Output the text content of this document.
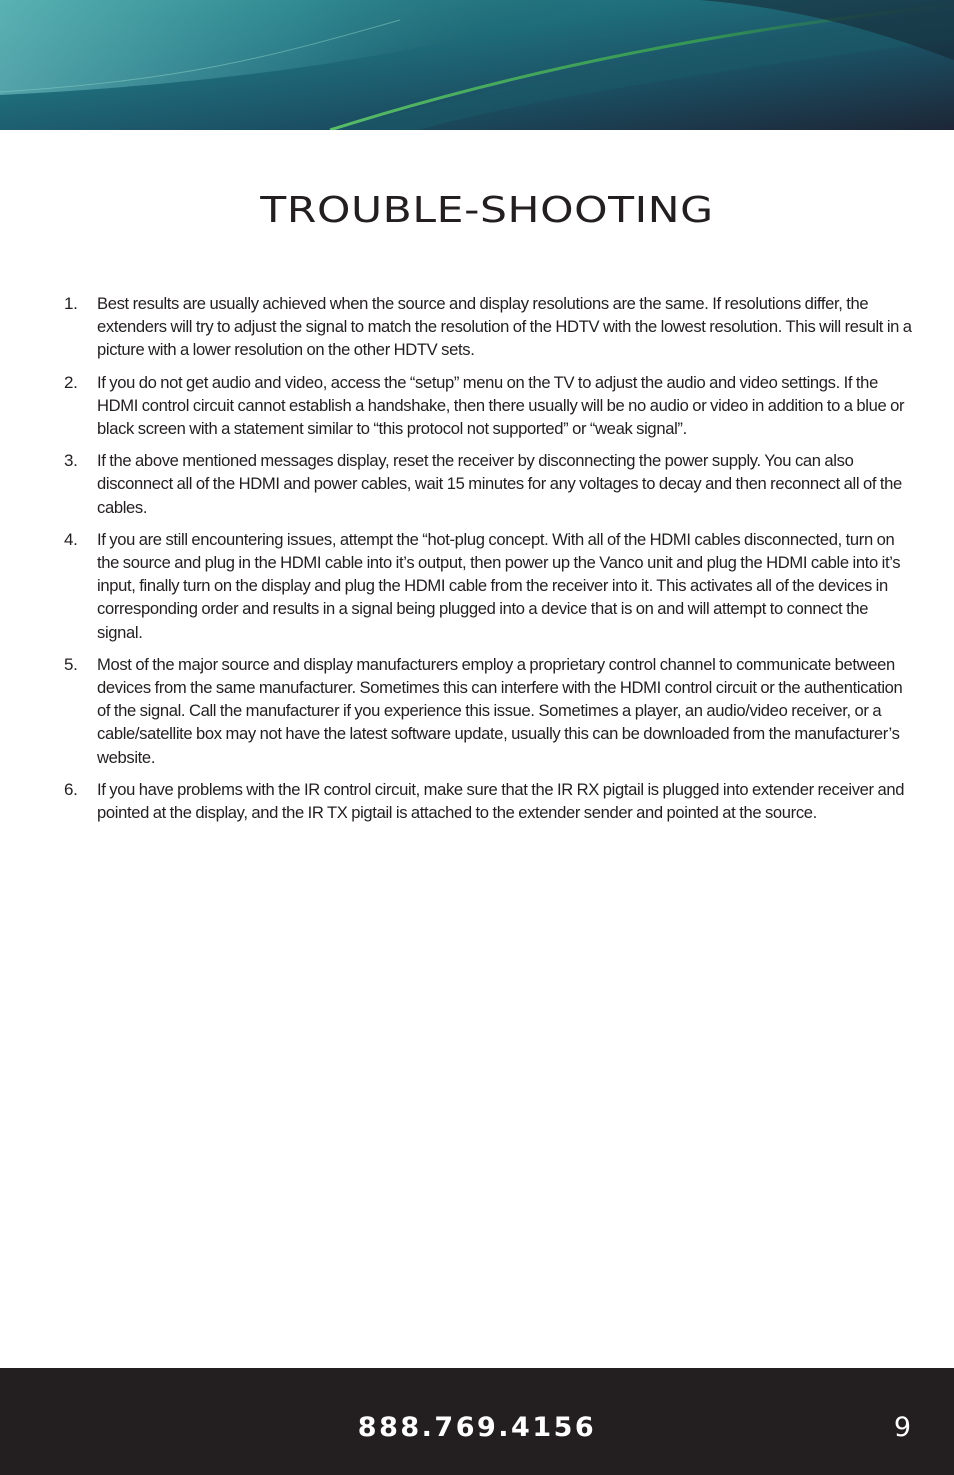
TROUBLE-SHOOTING
1. Best results are usually achieved when the source and display resolutions are the same. If resolutions differ, the extenders will try to adjust the signal to match the resolution of the HDTV with the lowest resolution. This will result in a picture with a lower resolution on the other HDTV sets.
2. If you do not get audio and video, access the “setup” menu on the TV to adjust the audio and video settings. If the HDMI control circuit cannot establish a handshake, then there usually will be no audio or video in addition to a blue or black screen with a statement similar to “this protocol not supported” or “weak signal”.
3. If the above mentioned messages display, reset the receiver by disconnecting the power supply. You can also disconnect all of the HDMI and power cables, wait 15 minutes for any voltages to decay and then reconnect all of the cables.
4. If you are still encountering issues, attempt the “hot-plug concept. With all of the HDMI cables disconnected, turn on the source and plug in the HDMI cable into it’s output, then power up the Vanco unit and plug the HDMI cable into it’s input, finally turn on the display and plug the HDMI cable from the receiver into it. This activates all of the devices in corresponding order and results in a signal being plugged into a device that is on and will attempt to connect the signal.
5. Most of the major source and display manufacturers employ a proprietary control channel to communicate between devices from the same manufacturer. Sometimes this can interfere with the HDMI control circuit or the authentication of the signal. Call the manufacturer if you experience this issue. Sometimes a player, an audio/video receiver, or a cable/satellite box may not have the latest software update, usually this can be downloaded from the manufacturer’s website.
6. If you have problems with the IR control circuit, make sure that the IR RX pigtail is plugged into extender receiver and pointed at the display, and the IR TX pigtail is attached to the extender sender and pointed at the source.
888.769.4156	9
